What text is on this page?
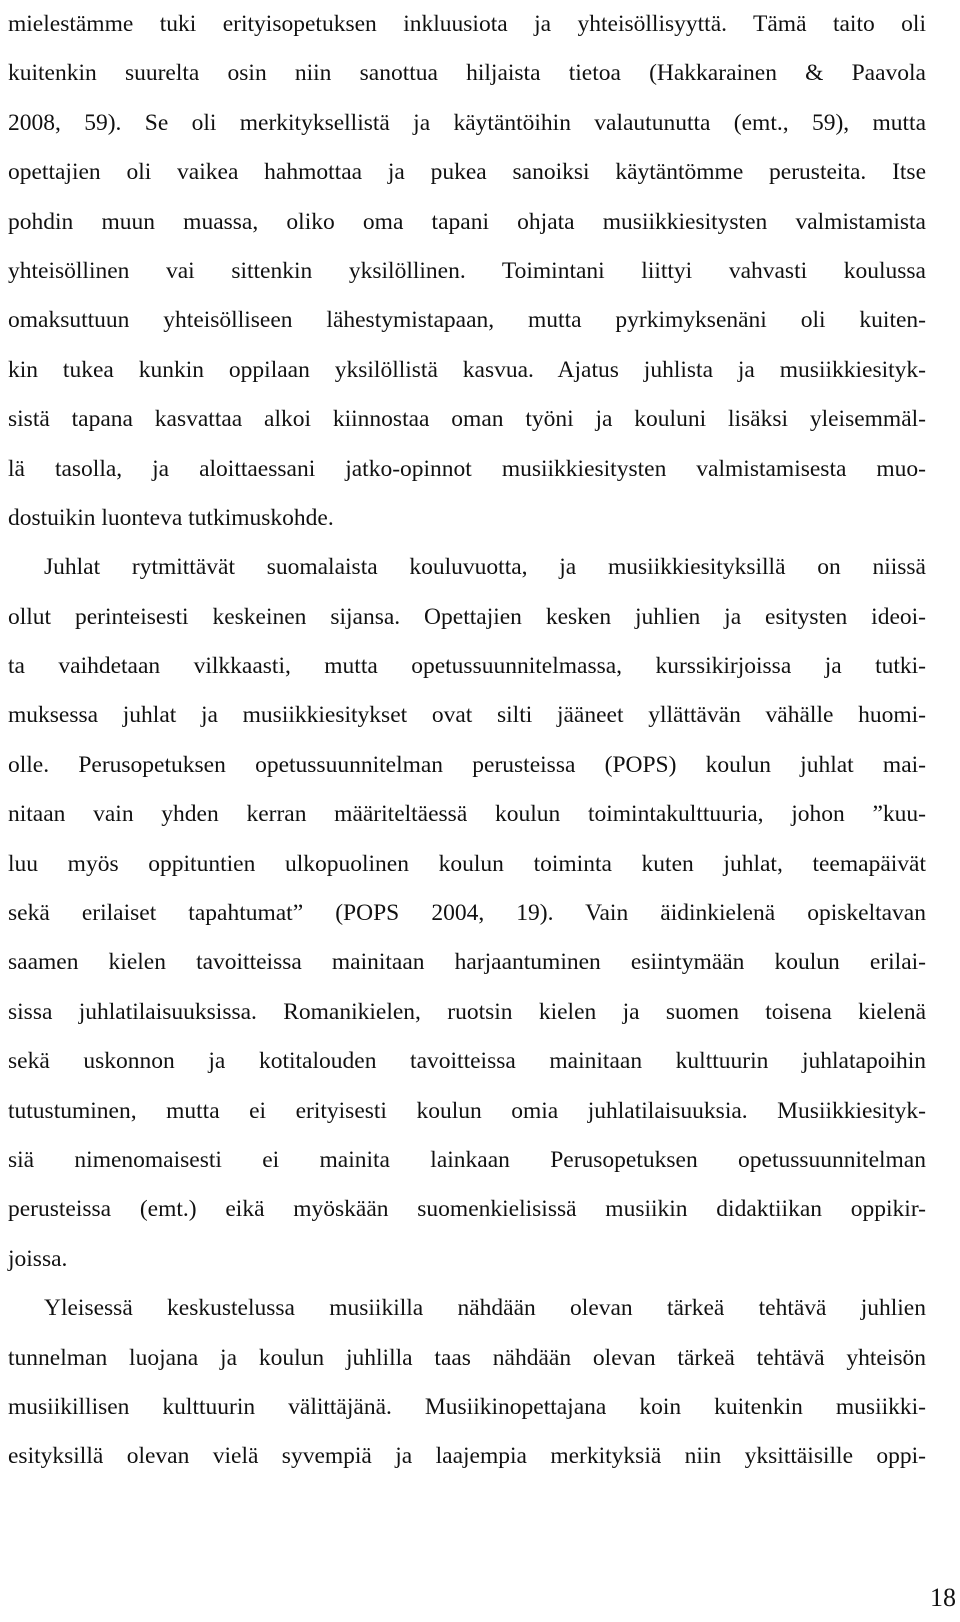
mielestämme tuki erityisopetuksen inkluusiota ja yhteisöllisyyttä. Tämä taito oli
kuitenkin suurelta osin niin sanottua hiljaista tietoa (Hakkarainen & Paavola
2008, 59). Se oli merkityksellistä ja käytäntöihin valautunutta (emt., 59), mutta
opettajien oli vaikea hahmottaa ja pukea sanoiksi käytäntömme perusteita. Itse
pohdin muun muassa, oliko oma tapani ohjata musiikkiesitysten valmistamista
yhteisöllinen vai sittenkin yksilöllinen. Toimintani liittyi vahvasti koulussa
omaksuttuun yhteisölliseen lähestymistapaan, mutta pyrkimyksenäni oli kuiten-
kin tukea kunkin oppilaan yksilöllistä kasvua. Ajatus juhlista ja musiikkiesityk-
sistä tapana kasvattaa alkoi kiinnostaa oman työni ja kouluni lisäksi yleisemmäl-
lä tasolla, ja aloittaessani jatko-opinnot musiikkiesitysten valmistamisesta muo-
dostuikin luonteva tutkimuskohde.
Juhlat rytmittävät suomalaista kouluvuotta, ja musiikkiesityksillä on niissä
ollut perinteisesti keskeinen sijansa. Opettajien kesken juhlien ja esitysten ideoi-
ta vaihdetaan vilkkaasti, mutta opetussuunnitelmassa, kurssikirjoissa ja tutki-
muksessa juhlat ja musiikkiesitykset ovat silti jääneet yllättävän vähälle huomi-
olle. Perusopetuksen opetussuunnitelman perusteissa (POPS) koulun juhlat mai-
nitaan vain yhden kerran määriteltäessä koulun toimintakulttuuria, johon ”kuu-
luu myös oppituntien ulkopuolinen koulun toiminta kuten juhlat, teemapäivät
sekä erilaiset tapahtumat” (POPS 2004, 19). Vain äidinkielenä opiskeltavan
saamen kielen tavoitteissa mainitaan harjaantuminen esiintymään koulun erilai-
sissa juhlatilaisuuksissa. Romanikielen, ruotsin kielen ja suomen toisena kielenä
sekä uskonnon ja kotitalouden tavoitteissa mainitaan kulttuurin juhlatapoihin
tutustuminen, mutta ei erityisesti koulun omia juhlatilaisuuksia. Musiikkiesityk-
siä nimenomaisesti ei mainita lainkaan Perusopetuksen opetussuunnitelman
perusteissa (emt.) eikä myöskään suomenkielisissä musiikin didaktiikan oppikir-
joissa.
Yleisessä keskustelussa musiikilla nähdään olevan tärkeä tehtävä juhlien
tunnelman luojana ja koulun juhlilla taas nähdään olevan tärkeä tehtävä yhteisön
musiikillisen kulttuurin välittäjänä. Musiikinopettajana koin kuitenkin musiikki-
esityksillä olevan vielä syvempiä ja laajempia merkityksiä niin yksittäisille oppi-
18
